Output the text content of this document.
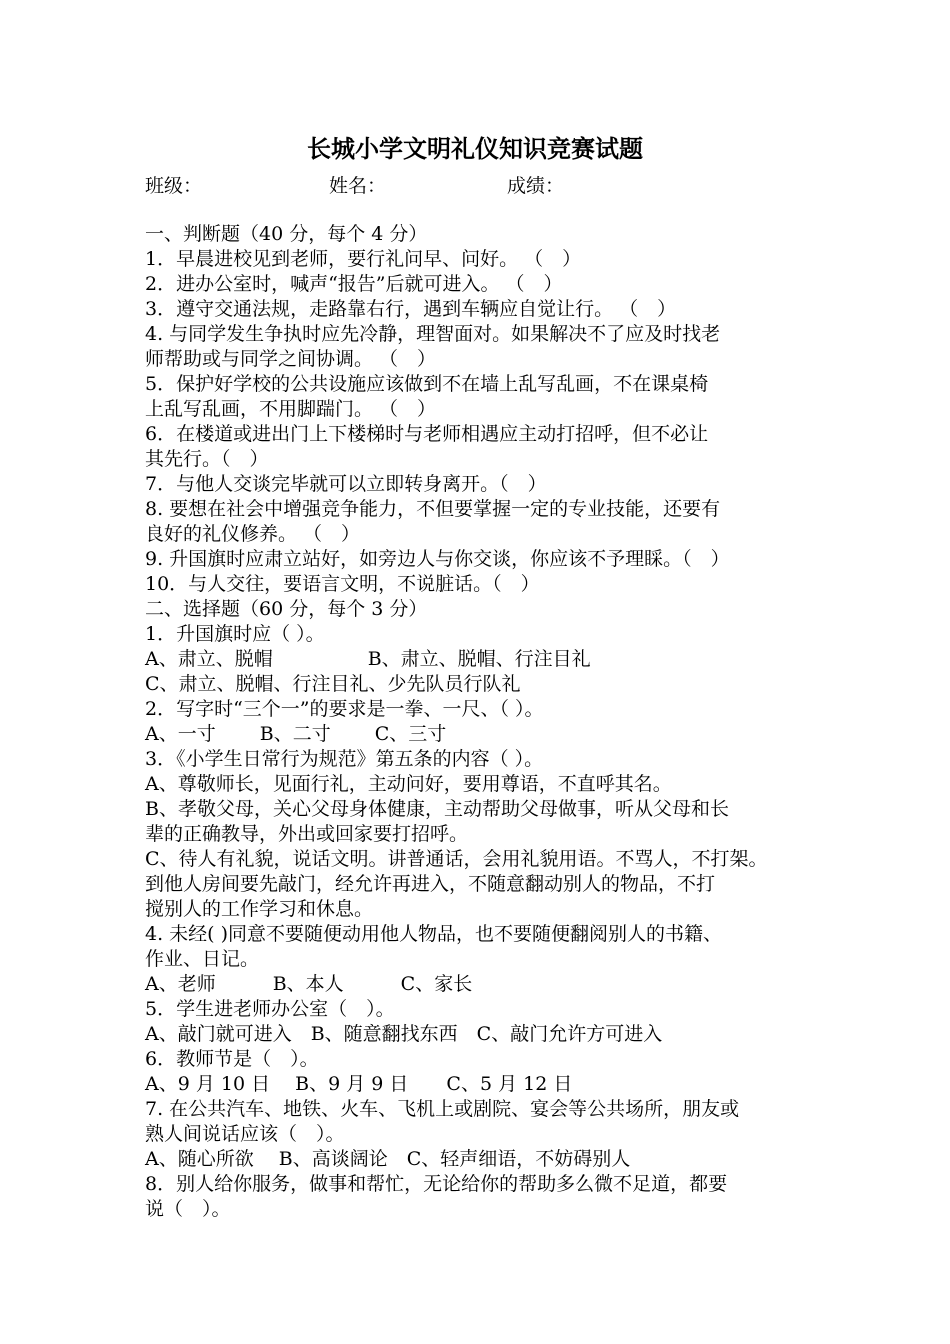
长城小学文明礼仪知识竞赛试题
班级：	姓名：	成绩：
一、判断题（40 分，每个 4 分）
1．早晨进校见到老师，要行礼问早、问好。 （　）
2．进办公室时，喊声“报告”后就可进入。 （　）
3．遵守交通法规，走路靠右行，遇到车辆应自觉让行。 （　）
4. 与同学发生争执时应先冷静，理智面对。如果解决不了应及时找老
师帮助或与同学之间协调。 （　）
5．保护好学校的公共设施应该做到不在墙上乱写乱画，不在课桌椅
上乱写乱画，不用脚踹门。 （　）
6．在楼道或进出门上下楼梯时与老师相遇应主动打招呼，但不必让
其先行。（　）
7．与他人交谈完毕就可以立即转身离开。（　）
8. 要想在社会中增强竞争能力，不但要掌握一定的专业技能，还要有
良好的礼仪修养。 （　）
9. 升国旗时应肃立站好，如旁边人与你交谈，你应该不予理睬。（　）
10．与人交往，要语言文明，不说脏话。（　）
二、选择题（60 分，每个 3 分）
1．升国旗时应（ ）。
A、肃立、脱帽　　　　　B、肃立、脱帽、行注目礼
C、肃立、脱帽、行注目礼、少先队员行队礼
2．写字时“三个一”的要求是一拳、一尺、（ ）。
A、一寸　　 B、二寸　　 C、三寸
3．《小学生日常行为规范》第五条的内容（ ）。
A、尊敬师长，见面行礼，主动问好，要用尊语，不直呼其名。
B、孝敬父母，关心父母身体健康，主动帮助父母做事，听从父母和长
辈的正确教导，外出或回家要打招呼。
C、待人有礼貌，说话文明。讲普通话，会用礼貌用语。不骂人，不打架。
到他人房间要先敲门，经允许再进入，不随意翻动别人的物品，不打
搅别人的工作学习和休息。
4. 未经( )同意不要随便动用他人物品，也不要随便翻阅别人的书籍、
作业、日记。
A、老师　　　B、本人　　　C、家长
5．学生进老师办公室（　）。
A、敲门就可进入　B、随意翻找东西　C、敲门允许方可进入
6．教师节是（　）。
A、9 月 10 日　 B、9 月 9 日　　C、5 月 12 日
7. 在公共汽车、地铁、火车、飞机上或剧院、宴会等公共场所，朋友或
熟人间说话应该（　）。
A、随心所欲　 B、高谈阔论　C、轻声细语，不妨碍别人
8．别人给你服务，做事和帮忙，无论给你的帮助多么微不足道，都要
说（　）。
